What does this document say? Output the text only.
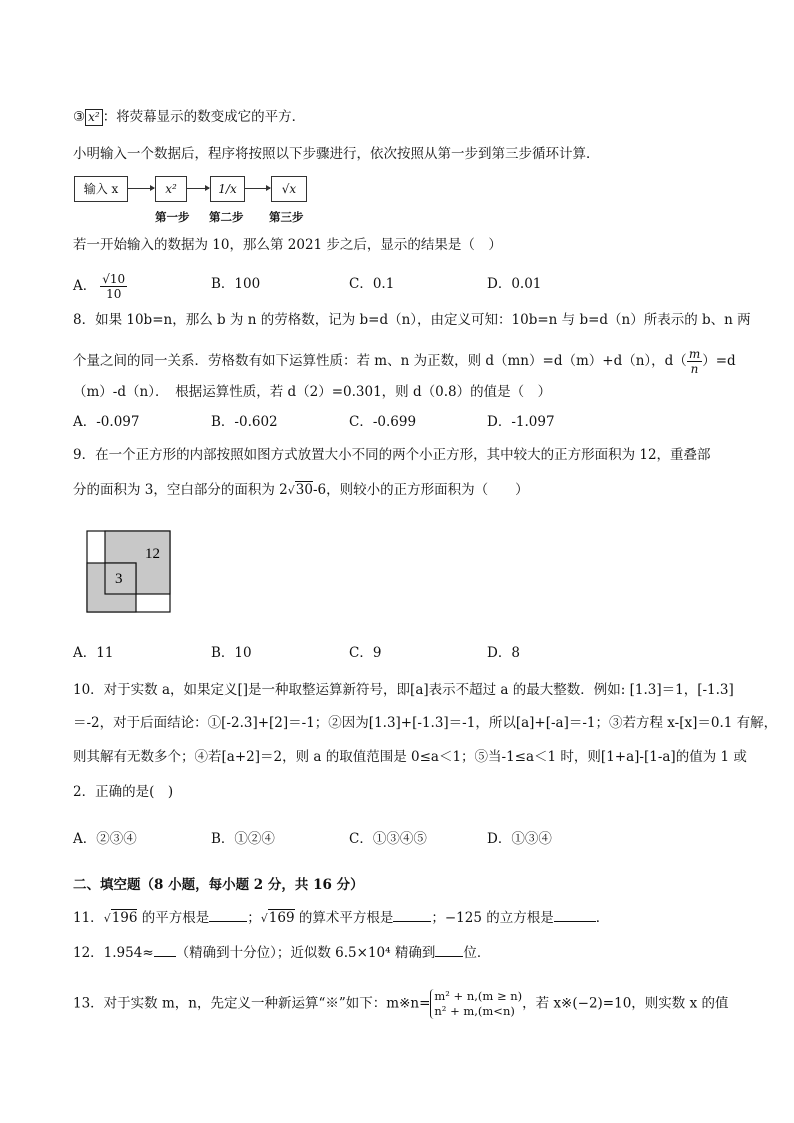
③ x² ：将荧幕显示的数变成它的平方．
小明输入一个数据后，程序将按照以下步骤进行，依次按照从第一步到第三步循环计算．
输入 x	x²	1/x	√x
第一步 第二步 第三步
若一开始输入的数据为 10，那么第 2021 步之后，显示的结果是（　）
A． $\frac{√10}{10}$	B．100	C．0.1	D．0.01
8．如果 10b=n，那么 b 为 n 的劳格数，记为 b=d（n），由定义可知：10b=n 与 b=d（n）所表示的 b、n 两
个量之间的同一关系．劳格数有如下运算性质：若 m、n 为正数，则 d（mn）=d（m）+d（n），$d( \frac{m}{n} )=d$
（m）-d（n）．　根据运算性质，若 d（2）=0.301，则 d（0.8）的值是（　）
A．-0.097	B．-0.602	C．-0.699	D．-1.097
9．在一个正方形的内部按照如图方式放置大小不同的两个小正方形，其中较大的正方形面积为 12，重叠部
分的面积为 3，空白部分的面积为 2√30-6，则较小的正方形面积为（　　）
12
3
A．11	B．10	C．9	D．8
10．对于实数 a，如果定义[]是一种取整运算新符号，即[a]表示不超过 a 的最大整数．例如: [1.3]＝1，[-1.3]
＝-2，对于后面结论：①[-2.3]+[2]＝-1；②因为[1.3]+[-1.3]＝-1，所以[a]+[-a]＝-1；③若方程 x-[x]＝0.1 有解，
则其解有无数多个；④若[a+2]＝2，则 a 的取值范围是 0≤a＜1；⑤当-1≤a＜1 时，则[1+a]-[1-a]的值为 1 或
2．正确的是(　)
A．②③④	B．①②④	C．①③④⑤	D．①③④
二、填空题（8 小题，每小题 2 分，共 16 分）
11．√196 的平方根是	；√169 的算术平方根是	；−125 的立方根是	．
12．1.954≈ （精确到十分位）；近似数 6.5×10⁴ 精确到 位．
13．对于实数 m，n，先定义一种新运算“※”如下：m※n= m² + n,(m ≥ n)
n² + m,(m<n) ，若 x※(−2)=10，则实数 x 的值
